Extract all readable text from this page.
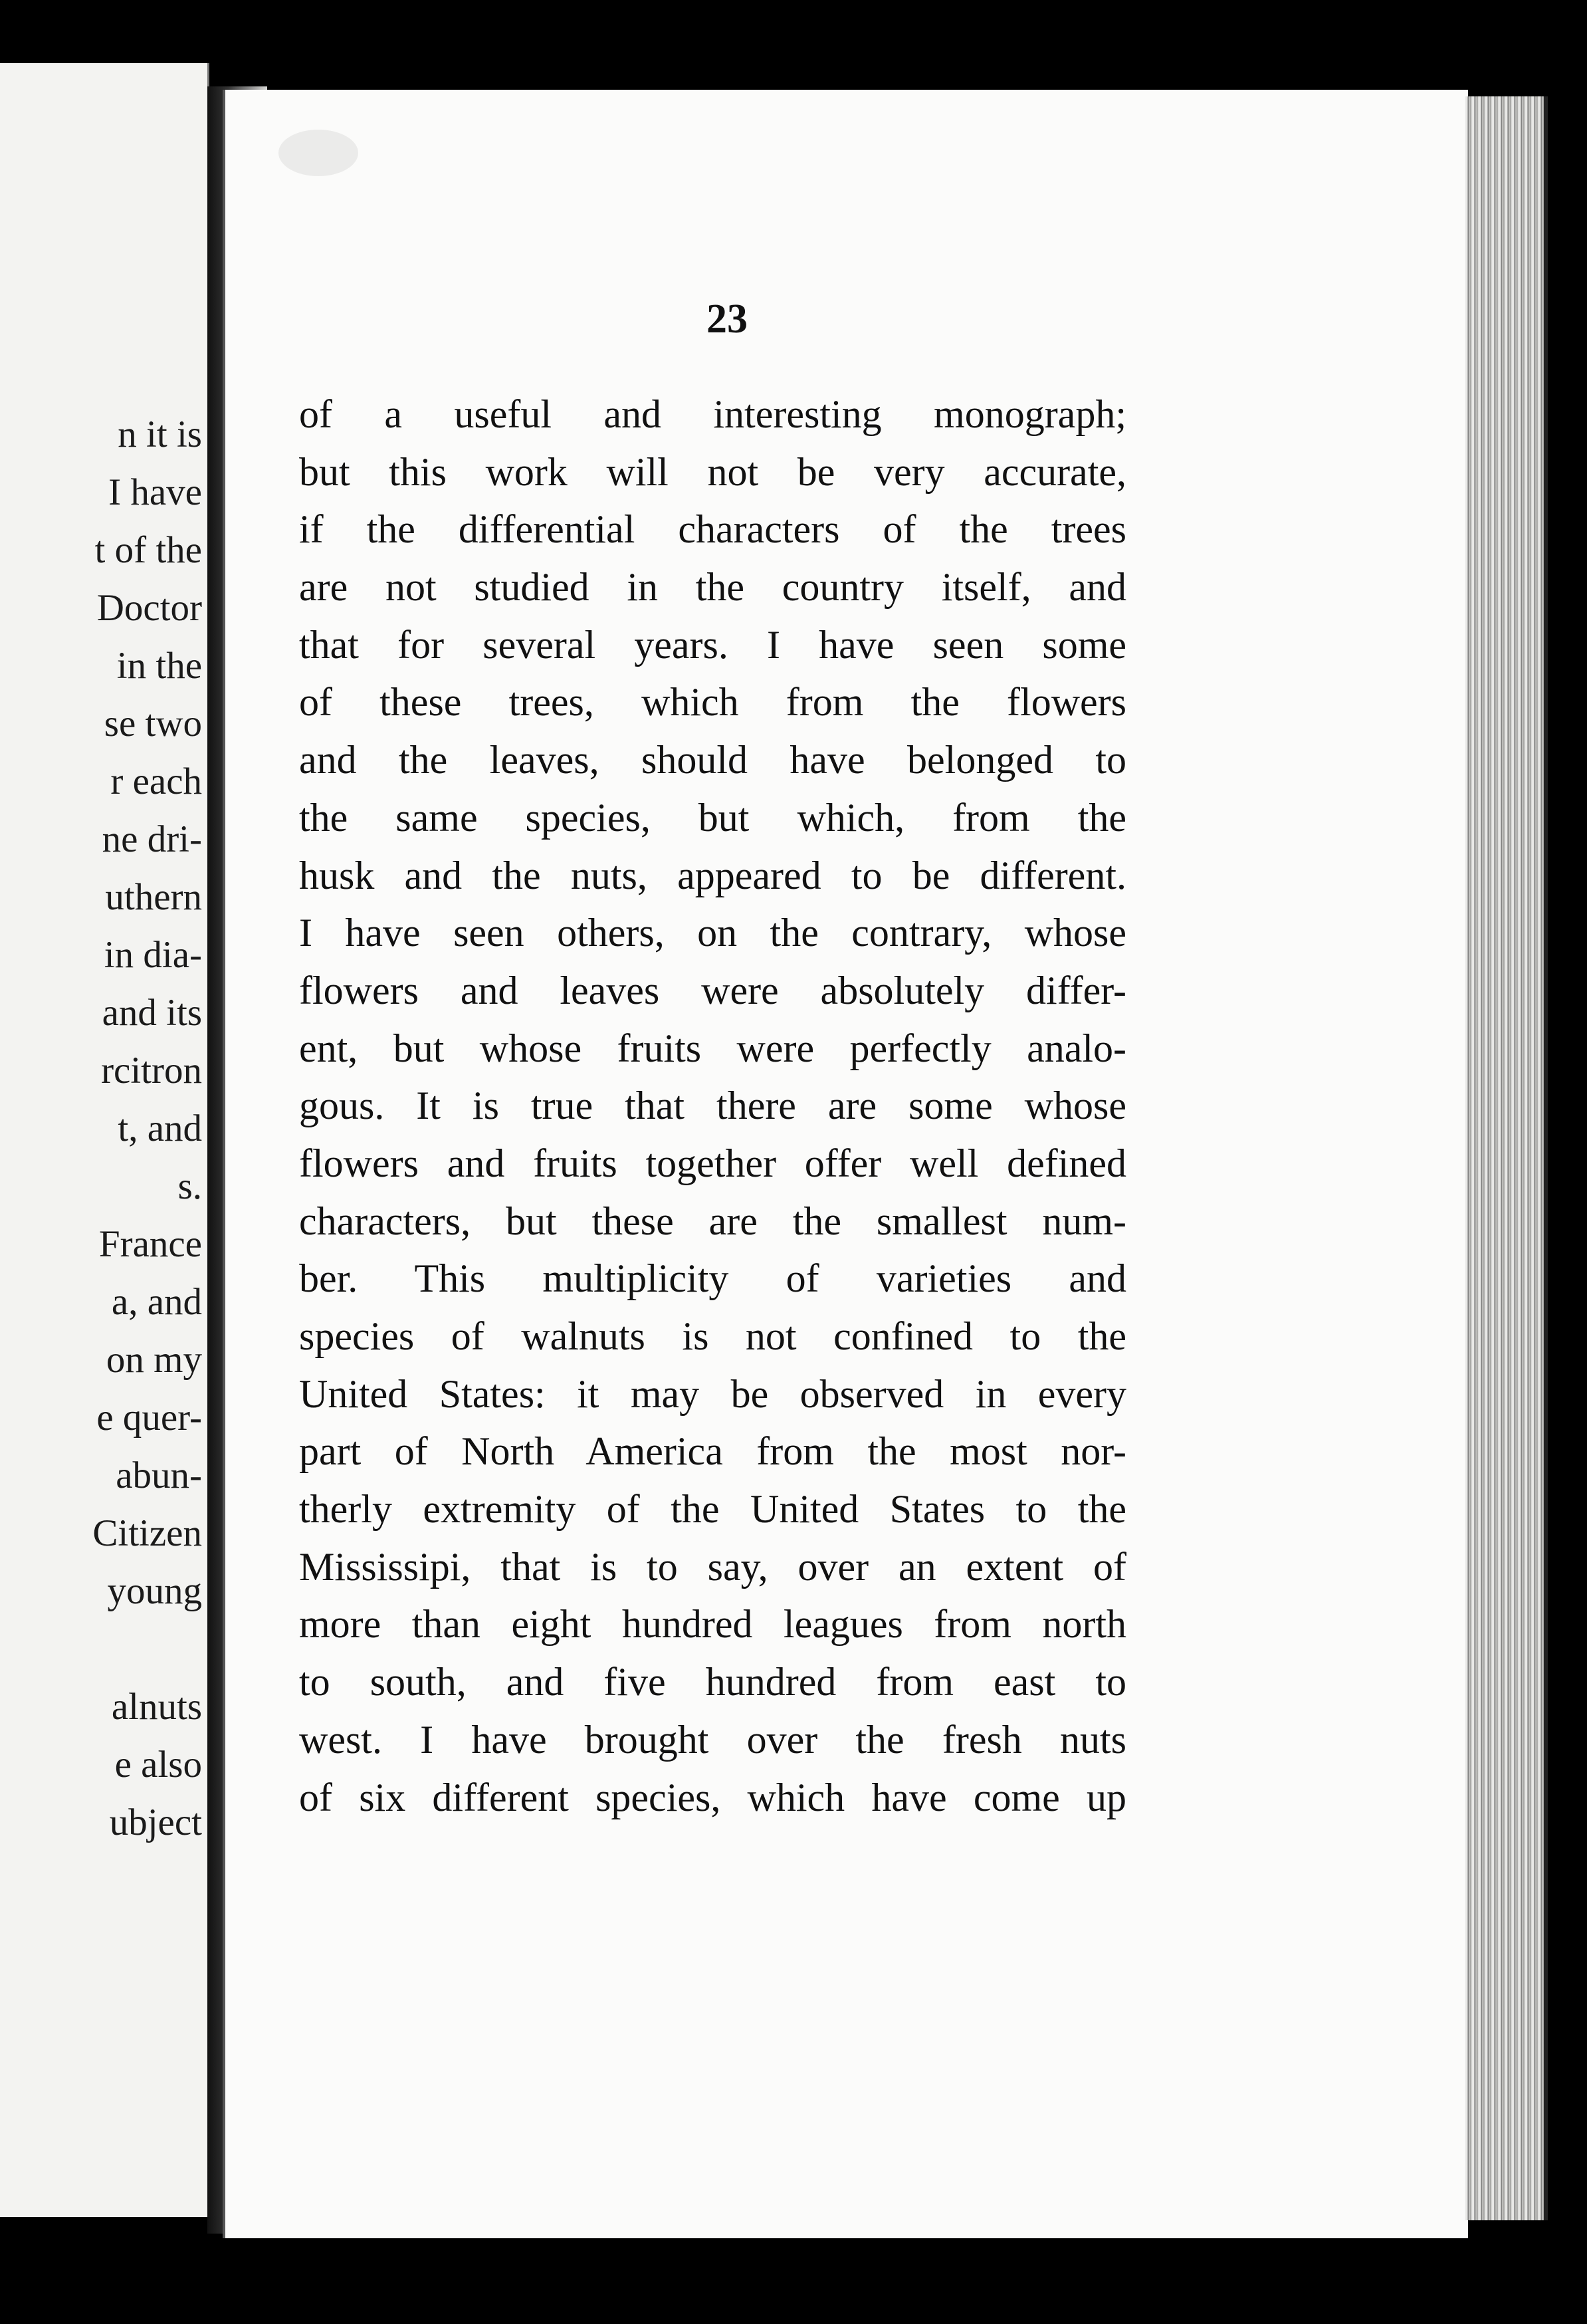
n it is
I have
t of the
Doctor
in the
se two
r each
ne dri-
uthern
in dia-
and its
rcitron
t, and
s.
France
a, and
on my
e quer-
abun-
Citizen
young
alnuts
e also
ubject
23
of a useful and interesting monograph;
but this work will not be very accurate,
if the differential characters of the trees
are not studied in the country itself, and
that for several years. I have seen some
of these trees, which from the flowers
and the leaves, should have belonged to
the same species, but which, from the
husk and the nuts, appeared to be different.
I have seen others, on the contrary, whose
flowers and leaves were absolutely differ-
ent, but whose fruits were perfectly analo-
gous. It is true that there are some whose
flowers and fruits together offer well defined
characters, but these are the smallest num-
ber. This multiplicity of varieties and
species of walnuts is not confined to the
United States: it may be observed in every
part of North America from the most nor-
therly extremity of the United States to the
Mississipi, that is to say, over an extent of
more than eight hundred leagues from north
to south, and five hundred from east to
west. I have brought over the fresh nuts
of six different species, which have come up
